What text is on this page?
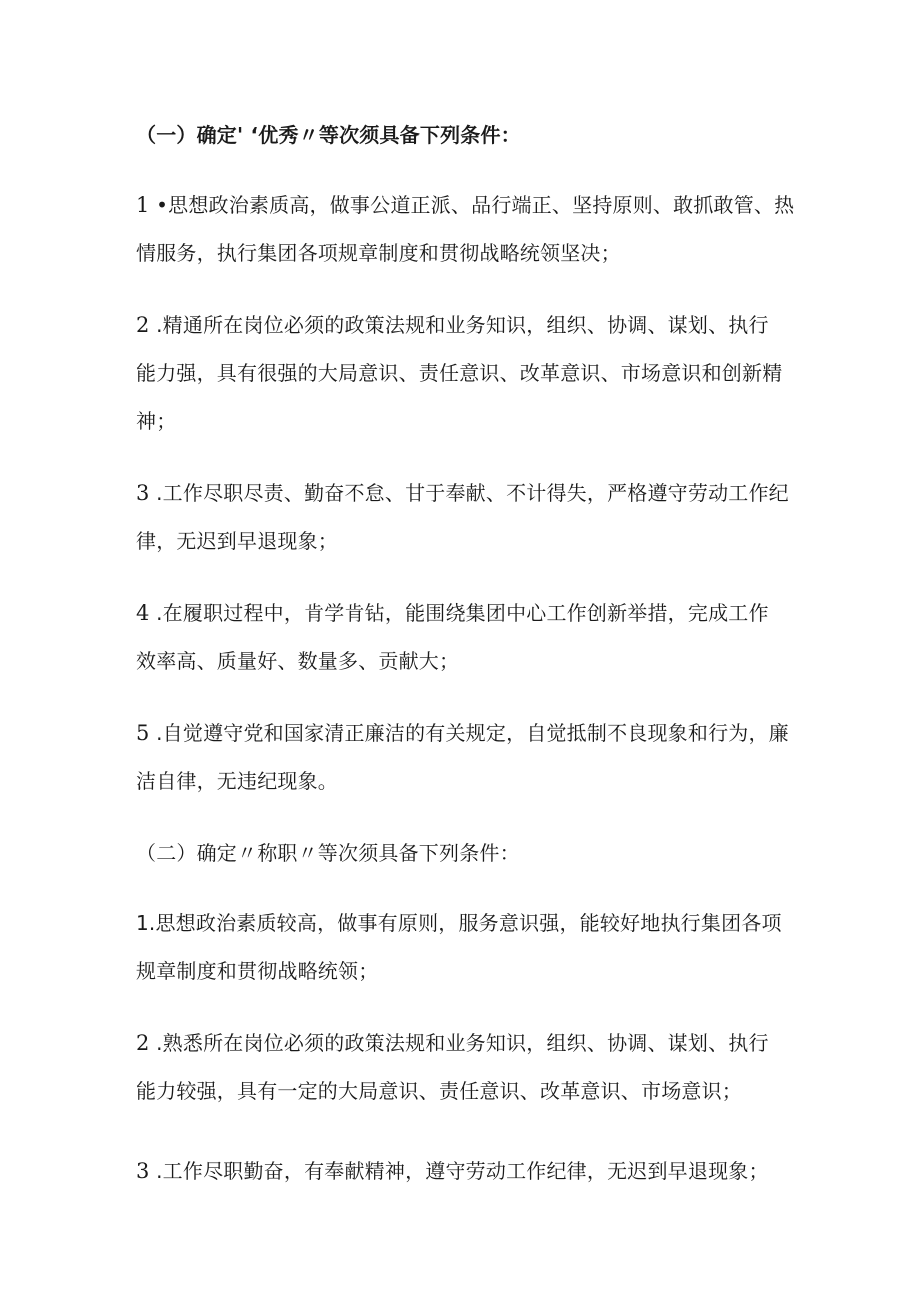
（一）确定' ‘优秀〃等次须具备下列条件：
1 •思想政治素质高，做事公道正派、品行端正、坚持原则、敢抓敢管、热
情服务，执行集团各项规章制度和贯彻战略统领坚决；
2 .精通所在岗位必须的政策法规和业务知识，组织、协调、谋划、执行
能力强，具有很强的大局意识、责任意识、改革意识、市场意识和创新精
神；
3 .工作尽职尽责、勤奋不怠、甘于奉献、不计得失，严格遵守劳动工作纪
律，无迟到早退现象；
4 .在履职过程中，肯学肯钻，能围绕集团中心工作创新举措，完成工作
效率高、质量好、数量多、贡献大；
5 .自觉遵守党和国家清正廉洁的有关规定，自觉抵制不良现象和行为，廉
洁自律，无违纪现象。
（二）确定〃称职〃等次须具备下列条件：
1.思想政治素质较高，做事有原则，服务意识强，能较好地执行集团各项
规章制度和贯彻战略统领；
2 .熟悉所在岗位必须的政策法规和业务知识，组织、协调、谋划、执行
能力较强，具有一定的大局意识、责任意识、改革意识、市场意识；
3 .工作尽职勤奋，有奉献精神，遵守劳动工作纪律，无迟到早退现象；
